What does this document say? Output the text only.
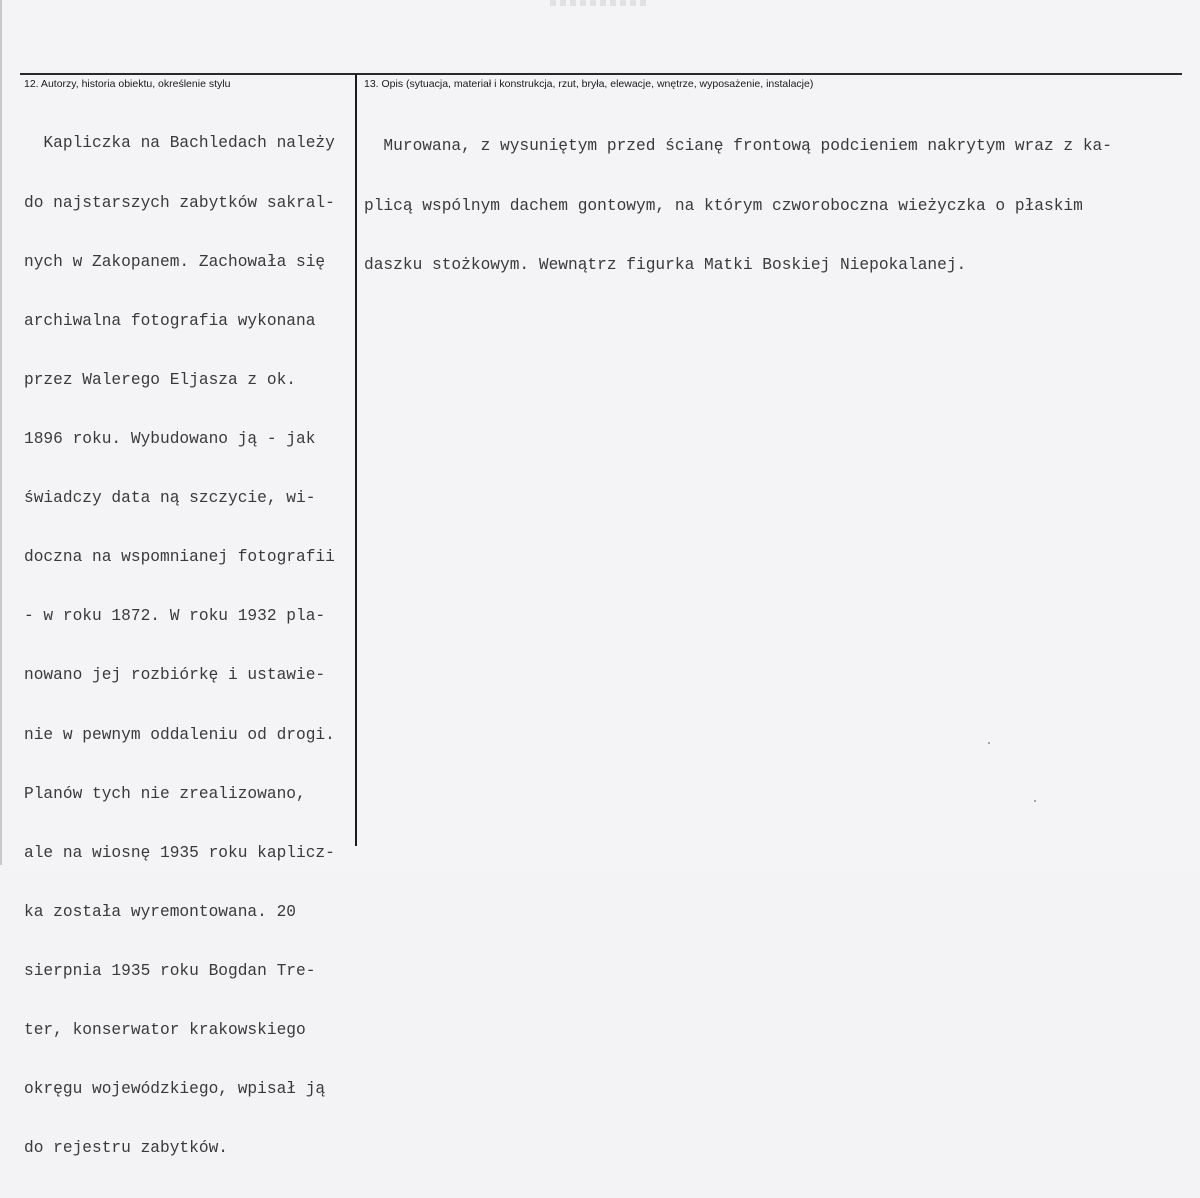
12. Autorzy, historia obiektu, określenie stylu

Kapliczka na Bachledach należy

do najstarszych zabytków sakral-

nych w Zakopanem. Zachowała się

archiwalna fotografia wykonana

przez Walerego Eljasza z ok.

1896 roku. Wybudowano ją - jak

świadczy data ną szczycie, wi-

doczna na wspomnianej fotografii

- w roku 1872. W roku 1932 pla-

nowano jej rozbiórkę i ustawie-

nie w pewnym oddaleniu od drogi.

Planów tych nie zrealizowano,

ale na wiosnę 1935 roku kaplicz-

ka została wyremontowana. 20

sierpnia 1935 roku Bogdan Tre-

ter, konserwator krakowskiego

okręgu wojewódzkiego, wpisał ją

do rejestru zabytków.

13. Opis (sytuacja, materiał i konstrukcja, rzut, bryła, elewacje, wnętrze, wyposażenie, instalacje)

Murowana, z wysuniętym przed ścianę frontową podcieniem nakrytym wraz z ka-

plicą wspólnym dachem gontowym, na którym czworoboczna wieżyczka o płaskim

daszku stożkowym. Wewnątrz figurka Matki Boskiej Niepokalanej.
